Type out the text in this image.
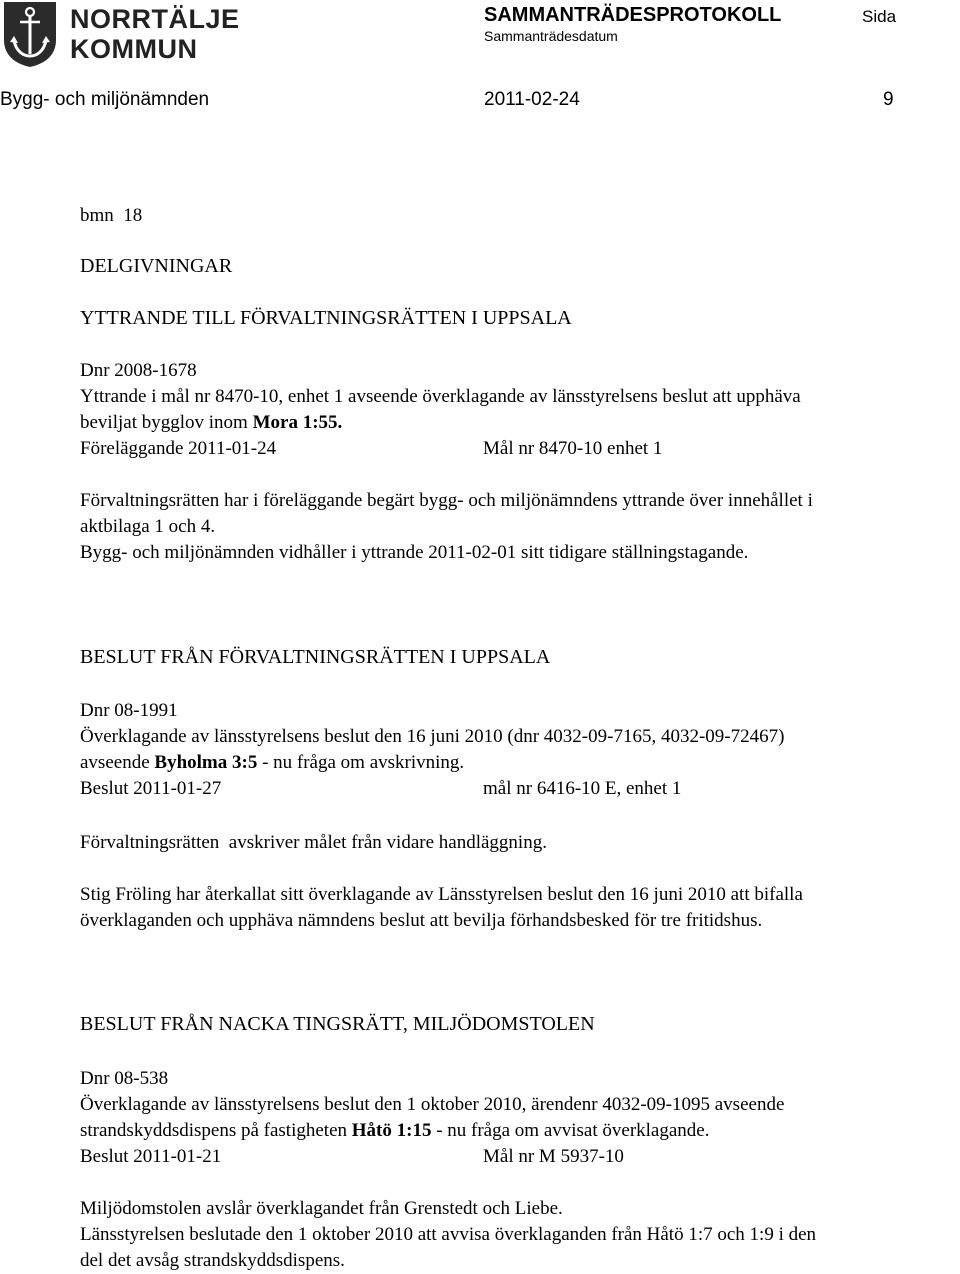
NORRTÄLJE
KOMMUN
SAMMANTRÄDESPROTOKOLL	Sida
Sammanträdesdatum
Bygg- och miljönämnden	2011-02-24	9
bmn  18
DELGIVNINGAR
YTTRANDE TILL FÖRVALTNINGSRÄTTEN I UPPSALA
Dnr 2008-1678
Yttrande i mål nr 8470-10, enhet 1 avseende överklagande av länsstyrelsens beslut att upphäva
beviljat bygglov inom Mora 1:55.
Föreläggande 2011-01-24	Mål nr 8470-10 enhet 1
Förvaltningsrätten har i föreläggande begärt bygg- och miljönämndens yttrande över innehållet i
aktbilaga 1 och 4.
Bygg- och miljönämnden vidhåller i yttrande 2011-02-01 sitt tidigare ställningstagande.
BESLUT FRÅN FÖRVALTNINGSRÄTTEN I UPPSALA
Dnr 08-1991
Överklagande av länsstyrelsens beslut den 16 juni 2010 (dnr 4032-09-7165, 4032-09-72467)
avseende Byholma 3:5 - nu fråga om avskrivning.
Beslut 2011-01-27	mål nr 6416-10 E, enhet 1
Förvaltningsrätten  avskriver målet från vidare handläggning.
Stig Fröling har återkallat sitt överklagande av Länsstyrelsen beslut den 16 juni 2010 att bifalla
överklaganden och upphäva nämndens beslut att bevilja förhandsbesked för tre fritidshus.
BESLUT FRÅN NACKA TINGSRÄTT, MILJÖDOMSTOLEN
Dnr 08-538
Överklagande av länsstyrelsens beslut den 1 oktober 2010, ärendenr 4032-09-1095 avseende
strandskyddsdispens på fastigheten Håtö 1:15 - nu fråga om avvisat överklagande.
Beslut 2011-01-21	Mål nr M 5937-10
Miljödomstolen avslår överklagandet från Grenstedt och Liebe.
Länsstyrelsen beslutade den 1 oktober 2010 att avvisa överklaganden från Håtö 1:7 och 1:9 i den
del det avsåg strandskyddsdispens.
